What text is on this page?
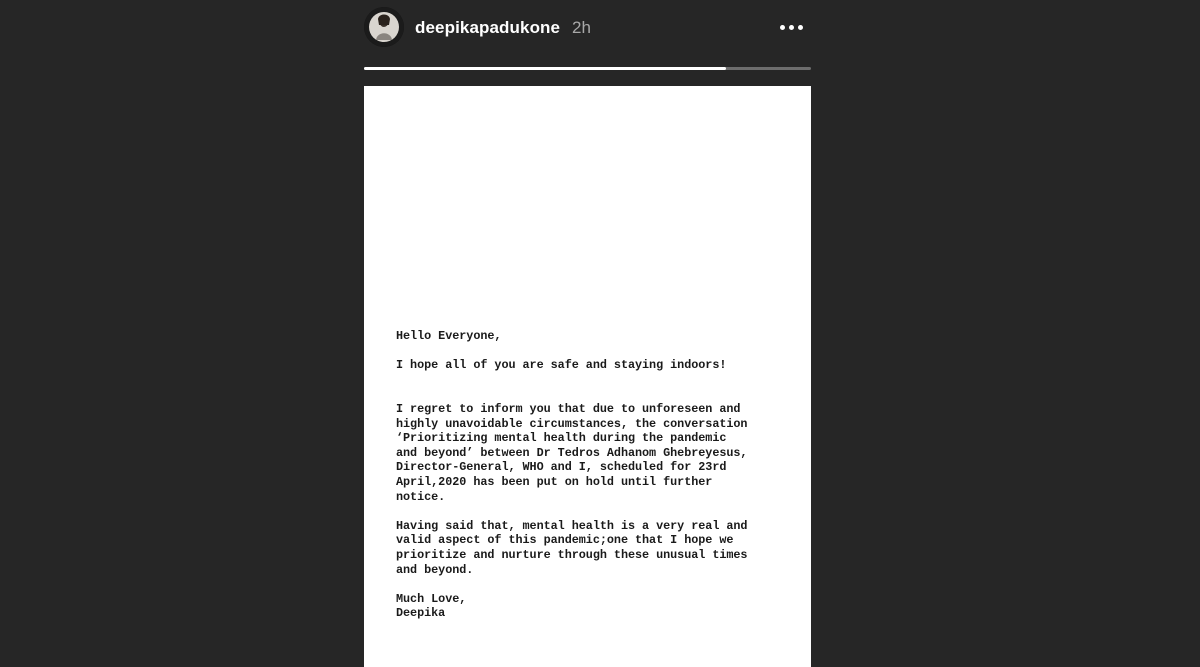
deepikapadukone 2h

Hello Everyone,

I hope all of you are safe and staying indoors!

I regret to inform you that due to unforeseen and

highly unavoidable circumstances, the conversation

‘Prioritizing mental health during the pandemic

and beyond’ between Dr Tedros Adhanom Ghebreyesus,

Director-General, WHO and I, scheduled for 23rd

April,2020 has been put on hold until further

notice.

Having said that, mental health is a very real and

valid aspect of this pandemic;one that I hope we

prioritize and nurture through these unusual times

and beyond.

Much Love,

Deepika
